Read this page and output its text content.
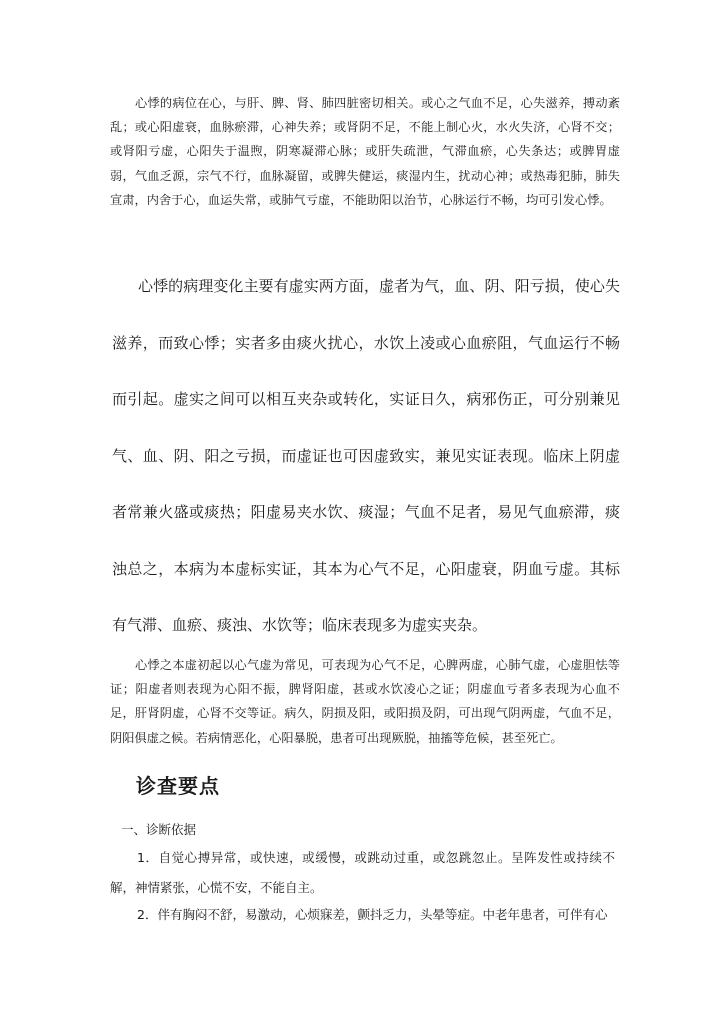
心悸的病位在心，与肝、脾、肾、肺四脏密切相关。或心之气血不足，心失滋养，搏动紊乱；或心阳虚衰，血脉瘀滞，心神失养；或肾阴不足，不能上制心火，水火失济，心肾不交；或肾阳亏虚，心阳失于温煦，阴寒凝滞心脉；或肝失疏泄，气滞血瘀，心失条达；或脾胃虚弱，气血乏源，宗气不行，血脉凝留，或脾失健运，痰湿内生，扰动心神；或热毒犯肺，肺失宣肃，内舍于心，血运失常，或肺气亏虚，不能助阳以治节，心脉运行不畅，均可引发心悸。

心悸的病理变化主要有虚实两方面，虚者为气，血、阴、阳亏损，使心失滋养，而致心悸；实者多由痰火扰心，水饮上凌或心血瘀阻，气血运行不畅而引起。虚实之间可以相互夹杂或转化，实证日久，病邪伤正，可分别兼见气、血、阴、阳之亏损，而虚证也可因虚致实，兼见实证表现。临床上阴虚者常兼火盛或痰热；阳虚易夹水饮、痰湿；气血不足者，易见气血瘀滞，痰浊总之，本病为本虚标实证，其本为心气不足，心阳虚衰，阴血亏虚。其标有气滞、血瘀、痰浊、水饮等；临床表现多为虚实夹杂。

心悸之本虚初起以心气虚为常见，可表现为心气不足，心脾两虚，心肺气虚，心虚胆怯等证；阳虚者则表现为心阳不振，脾肾阳虚，甚或水饮凌心之证；阴虚血亏者多表现为心血不足，肝肾阴虚，心肾不交等证。病久，阴损及阳，或阳损及阴，可出现气阴两虚，气血不足，阴阳俱虚之候。若病情恶化，心阳暴脱，患者可出现厥脱，抽搐等危候，甚至死亡。

诊查要点

一、诊断依据

1．自觉心搏异常，或快速，或缓慢，或跳动过重，或忽跳忽止。呈阵发性或持续不解，神情紧张，心慌不安，不能自主。

2．伴有胸闷不舒，易激动，心烦寐差，颤抖乏力，头晕等症。中老年患者，可伴有心
